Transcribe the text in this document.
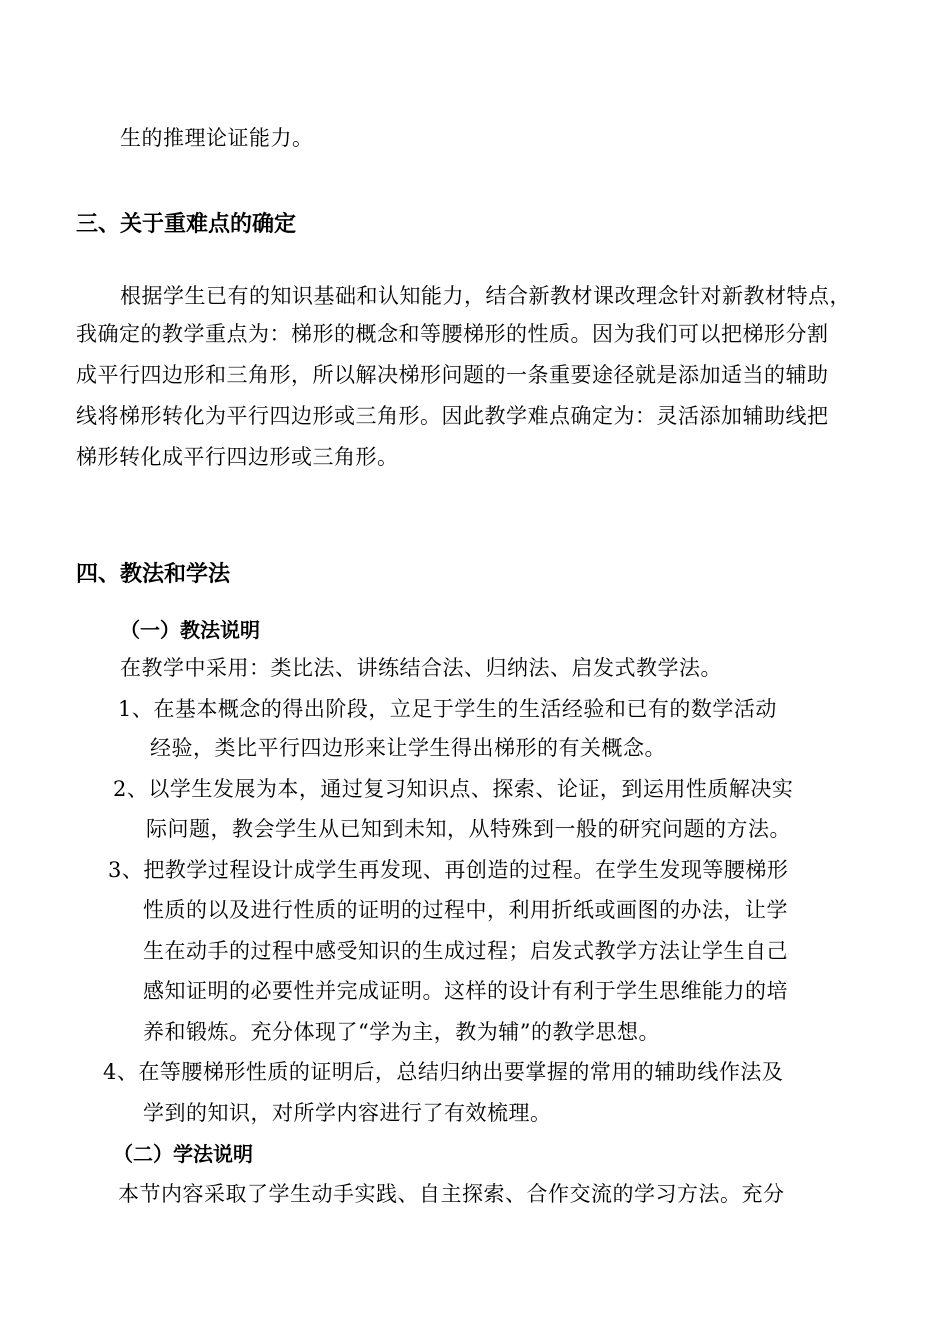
生的推理论证能力。
三、关于重难点的确定
根据学生已有的知识基础和认知能力，结合新教材课改理念针对新教材特点，
我确定的教学重点为：梯形的概念和等腰梯形的性质。因为我们可以把梯形分割
成平行四边形和三角形，所以解决梯形问题的一条重要途径就是添加适当的辅助
线将梯形转化为平行四边形或三角形。因此教学难点确定为：灵活添加辅助线把
梯形转化成平行四边形或三角形。
四、教法和学法
（一）教法说明
在教学中采用：类比法、讲练结合法、归纳法、启发式教学法。
1、在基本概念的得出阶段，立足于学生的生活经验和已有的数学活动
经验，类比平行四边形来让学生得出梯形的有关概念。
2、以学生发展为本，通过复习知识点、探索、论证，到运用性质解决实
际问题，教会学生从已知到未知，从特殊到一般的研究问题的方法。
3、把教学过程设计成学生再发现、再创造的过程。在学生发现等腰梯形
性质的以及进行性质的证明的过程中，利用折纸或画图的办法，让学
生在动手的过程中感受知识的生成过程；启发式教学方法让学生自己
感知证明的必要性并完成证明。这样的设计有利于学生思维能力的培
养和锻炼。充分体现了“学为主，教为辅”的教学思想。
4、在等腰梯形性质的证明后，总结归纳出要掌握的常用的辅助线作法及
学到的知识，对所学内容进行了有效梳理。
（二）学法说明
本节内容采取了学生动手实践、自主探索、合作交流的学习方法。充分
